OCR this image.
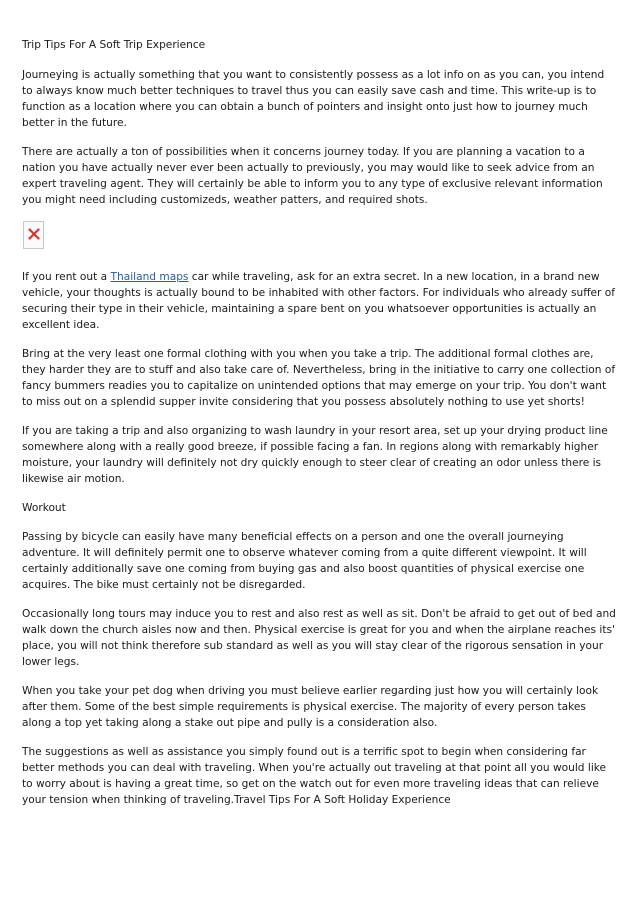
Trip Tips For A Soft Trip Experience

Journeying is actually something that you want to consistently possess as a lot info on as you can, you intend to always know much better techniques to travel thus you can easily save cash and time. This write-up is to function as a location where you can obtain a bunch of pointers and insight onto just how to journey much better in the future.

There are actually a ton of possibilities when it concerns journey today. If you are planning a vacation to a nation you have actually never ever been actually to previously, you may would like to seek advice from an expert traveling agent. They will certainly be able to inform you to any type of exclusive relevant information you might need including customizeds, weather patters, and required shots.

If you rent out a Thailand maps car while traveling, ask for an extra secret. In a new location, in a brand new vehicle, your thoughts is actually bound to be inhabited with other factors. For individuals who already suffer of securing their type in their vehicle, maintaining a spare bent on you whatsoever opportunities is actually an excellent idea.

Bring at the very least one formal clothing with you when you take a trip. The additional formal clothes are, they harder they are to stuff and also take care of. Nevertheless, bring in the initiative to carry one collection of fancy bummers readies you to capitalize on unintended options that may emerge on your trip. You don't want to miss out on a splendid supper invite considering that you possess absolutely nothing to use yet shorts!

If you are taking a trip and also organizing to wash laundry in your resort area, set up your drying product line somewhere along with a really good breeze, if possible facing a fan. In regions along with remarkably higher moisture, your laundry will definitely not dry quickly enough to steer clear of creating an odor unless there is likewise air motion.

Workout

Passing by bicycle can easily have many beneficial effects on a person and one the overall journeying adventure. It will definitely permit one to observe whatever coming from a quite different viewpoint. It will certainly additionally save one coming from buying gas and also boost quantities of physical exercise one acquires. The bike must certainly not be disregarded.

Occasionally long tours may induce you to rest and also rest as well as sit. Don't be afraid to get out of bed and walk down the church aisles now and then. Physical exercise is great for you and when the airplane reaches its' place, you will not think therefore sub standard as well as you will stay clear of the rigorous sensation in your lower legs.

When you take your pet dog when driving you must believe earlier regarding just how you will certainly look after them. Some of the best simple requirements is physical exercise. The majority of every person takes along a top yet taking along a stake out pipe and pully is a consideration also.

The suggestions as well as assistance you simply found out is a terrific spot to begin when considering far better methods you can deal with traveling. When you're actually out traveling at that point all you would like to worry about is having a great time, so get on the watch out for even more traveling ideas that can relieve your tension when thinking of traveling.Travel Tips For A Soft Holiday Experience
